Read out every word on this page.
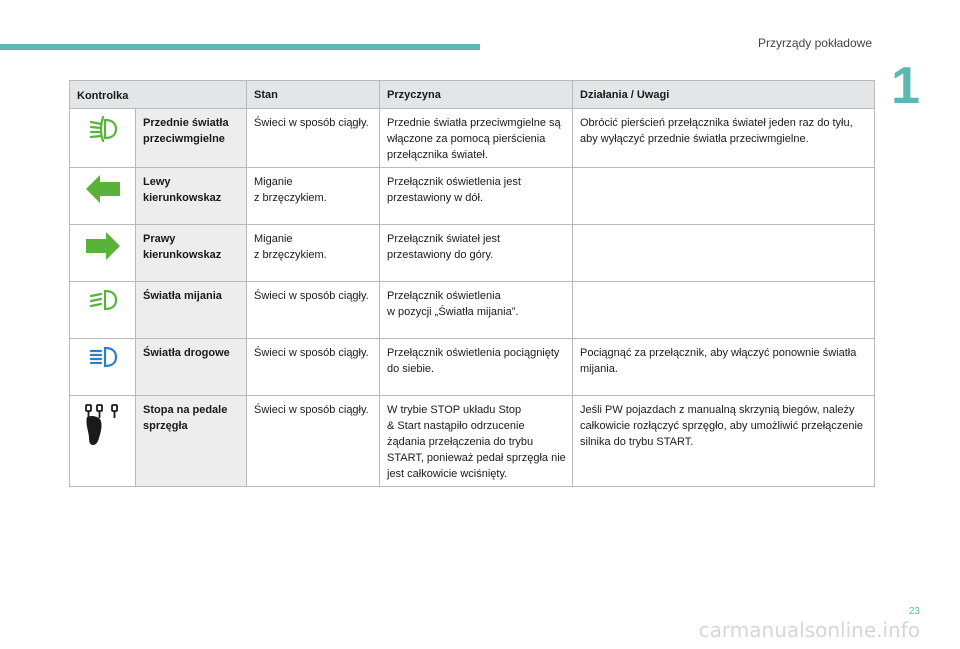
Przyrządy pokładowe
1
Kontrolka		Stan	Przyczyna	Działania / Uwagi

	Przednie światła przeciwmgielne	Świeci w sposób ciągły.	Przednie światła przeciwmgielne są włączone za pomocą pierścienia przełącznika świateł.	Obrócić pierścień przełącznika świateł jeden raz do tyłu, aby wyłączyć przednie światła przeciwmgielne.

	Lewy kierunkowskaz	Miganie
z brzęczykiem.	Przełącznik oświetlenia jest przestawiony w dół.	

	Prawy kierunkowskaz	Miganie
z brzęczykiem.	Przełącznik świateł jest przestawiony do góry.	

	Światła mijania	Świeci w sposób ciągły.	Przełącznik oświetlenia
w pozycji „Światła mijania”.	

	Światła drogowe	Świeci w sposób ciągły.	Przełącznik oświetlenia pociągnięty do siebie.	Pociągnąć za przełącznik, aby włączyć ponownie światła mijania.

	Stopa na pedale sprzęgła	Świeci w sposób ciągły.	W trybie STOP układu Stop
& Start nastąpiło odrzucenie żądania przełączenia do trybu START, ponieważ pedał sprzęgła nie jest całkowicie wciśnięty.	Jeśli PW pojazdach z manualną skrzynią biegów, należy całkowicie rozłączyć sprzęgło, aby umożliwić przełączenie silnika do trybu START.
23
carmanualsonline.info
